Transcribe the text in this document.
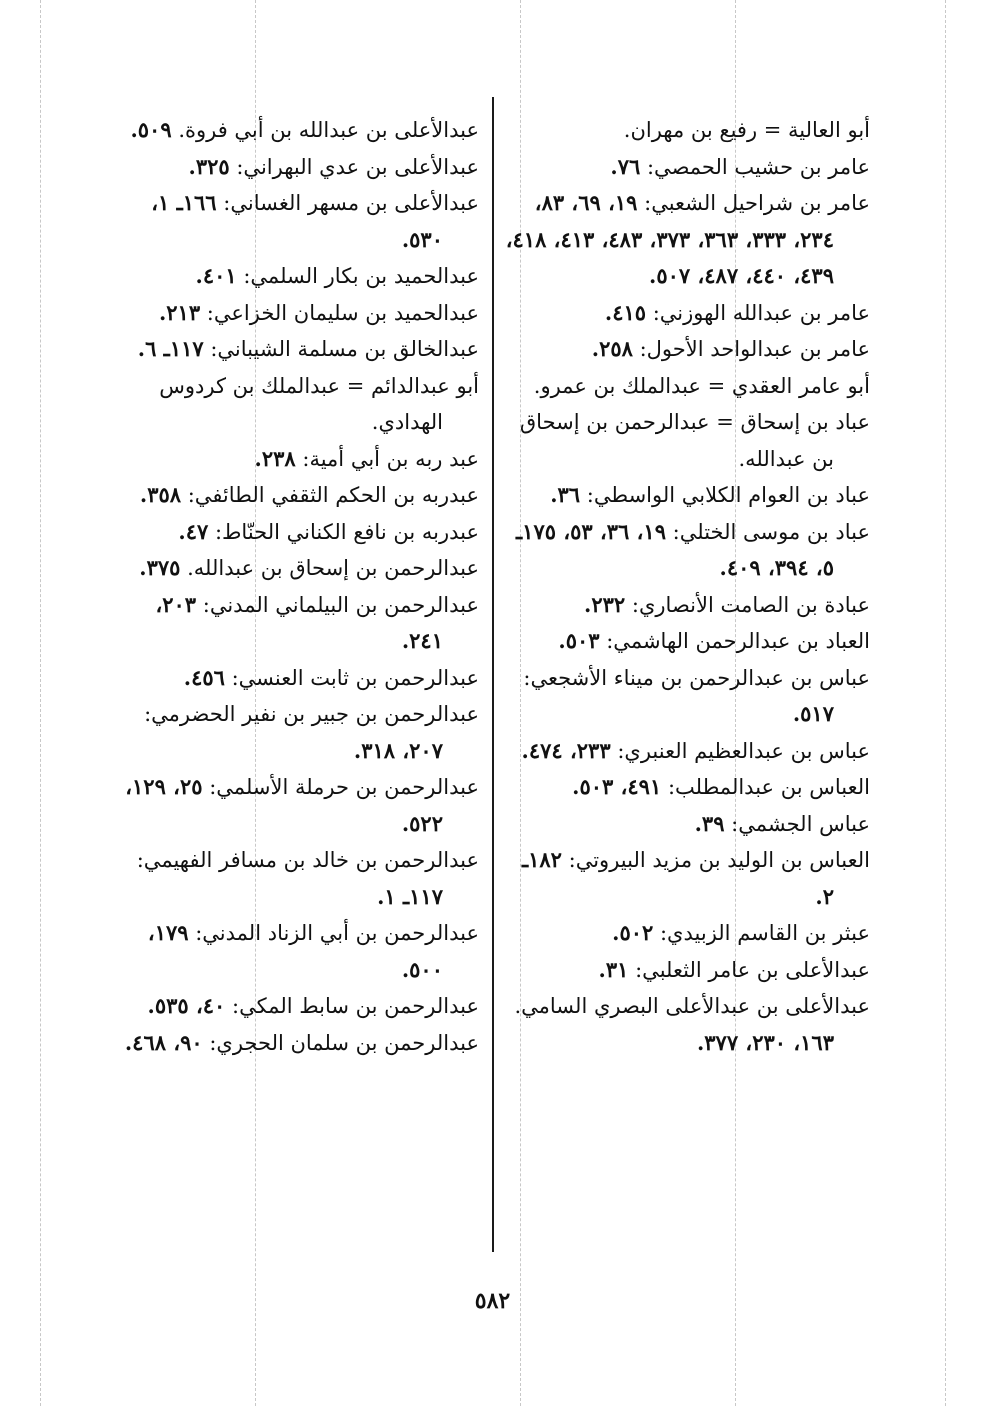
أبو العالية = رفيع بن مهران.

عامر بن حشيب الحمصي: ٧٦.

عامر بن شراحيل الشعبي: ١٩، ٦٩، ٨٣، ٢٣٤، ٣٣٣، ٣٦٣، ٣٧٣، ٤٨٣، ٤١٣، ٤١٨، ٤٣٩، ٤٤٠، ٤٨٧، ٥٠٧.

عامر بن عبدالله الهوزني: ٤١٥.

عامر بن عبدالواحد الأحول: ٢٥٨.

أبو عامر العقدي = عبدالملك بن عمرو.

عباد بن إسحاق = عبدالرحمن بن إسحاق بن عبدالله.

عباد بن العوام الكلابي الواسطي: ٣٦.

عباد بن موسى الختلي: ١٩، ٣٦، ٥٣، ١٧٥ـ ٥، ٣٩٤، ٤٠٩.

عبادة بن الصامت الأنصاري: ٢٣٢.

العباد بن عبدالرحمن الهاشمي: ٥٠٣.

عباس بن عبدالرحمن بن ميناء الأشجعي: ٥١٧.

عباس بن عبدالعظيم العنبري: ٢٣٣، ٤٧٤.

العباس بن عبدالمطلب: ٤٩١، ٥٠٣.

عباس الجشمي: ٣٩.

العباس بن الوليد بن مزيد البيروتي: ١٨٢ـ ٢.

عبثر بن القاسم الزبيدي: ٥٠٢.

عبدالأعلى بن عامر الثعلبي: ٣١.

عبدالأعلى بن عبدالأعلى البصري السامي. ١٦٣، ٢٣٠، ٣٧٧.

عبدالأعلى بن عبدالله بن أبي فروة. ٥٠٩.

عبدالأعلى بن عدي البهراني: ٣٢٥.

عبدالأعلى بن مسهر الغساني: ١٦٦ـ ١، ٥٣٠.

عبدالحميد بن بكار السلمي: ٤٠١.

عبدالحميد بن سليمان الخزاعي: ٢١٣.

عبدالخالق بن مسلمة الشيباني: ١١٧ـ ٦.

أبو عبدالدائم = عبدالملك بن كردوس الهدادي.

عبد ربه بن أبي أمية: ٢٣٨.

عبدربه بن الحكم الثقفي الطائفي: ٣٥٨.

عبدربه بن نافع الكناني الحنّاط: ٤٧.

عبدالرحمن بن إسحاق بن عبدالله. ٣٧٥.

عبدالرحمن بن البيلماني المدني: ٢٠٣، ٢٤١.

عبدالرحمن بن ثابت العنسي: ٤٥٦.

عبدالرحمن بن جبير بن نفير الحضرمي: ٢٠٧، ٣١٨.

عبدالرحمن بن حرملة الأسلمي: ٢٥، ١٢٩، ٥٢٢.

عبدالرحمن بن خالد بن مسافر الفهيمي: ١١٧ـ ١.

عبدالرحمن بن أبي الزناد المدني: ١٧٩، ٥٠٠.

عبدالرحمن بن سابط المكي: ٤٠، ٥٣٥.

عبدالرحمن بن سلمان الحجري: ٩٠، ٤٦٨.

٥٨٢
